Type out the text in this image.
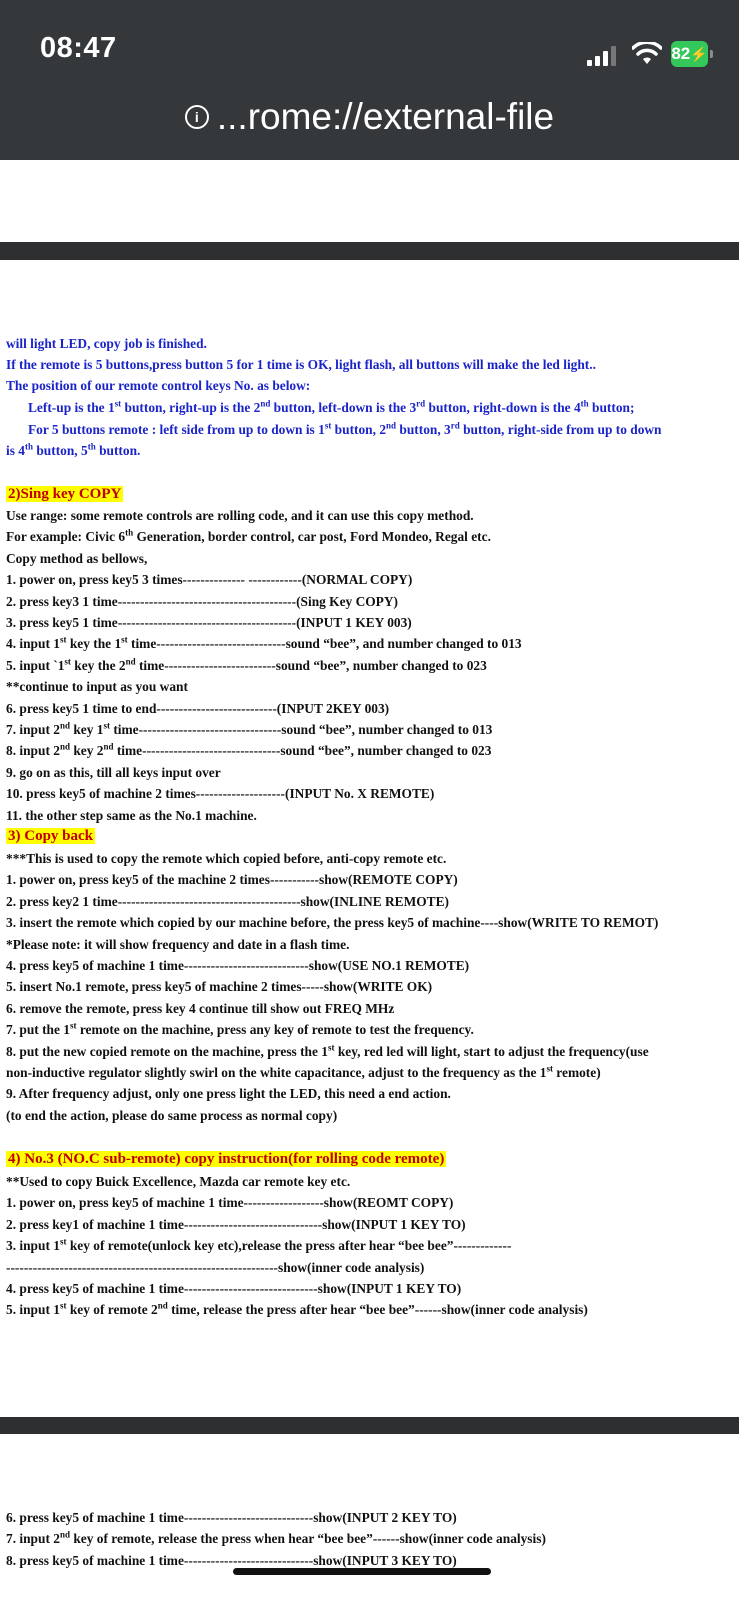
08:47	82⚡
i ...rome://external-file
will light LED, copy job is finished.
If the remote is 5 buttons,press button 5 for 1 time is OK, light flash, all buttons will make the led light..
The position of our remote control keys No. as below:
Left-up is the 1st button, right-up is the 2nd button, left-down is the 3rd button, right-down is the 4th button;
For 5 buttons remote : left side from up to down is 1st button, 2nd button, 3rd button, right-side from up to down
is 4th button, 5th button.
2)Sing key COPY
Use range: some remote controls are rolling code, and it can use this copy method.
For example: Civic 6th Generation, border control, car post, Ford Mondeo, Regal etc.
Copy method as bellows,
1. power on, press key5 3 times-------------- ------------(NORMAL COPY)
2. press key3 1 time----------------------------------------(Sing Key COPY)
3. press key5 1 time----------------------------------------(INPUT 1 KEY 003)
4. input 1st key the 1st time-----------------------------sound “bee”, and number changed to 013
5. input `1st key the 2nd time-------------------------sound “bee”, number changed to 023
**continue to input as you want
6. press key5 1 time to end---------------------------(INPUT 2KEY 003)
7. input 2nd key 1st time--------------------------------sound “bee”, number changed to 013
8. input 2nd key 2nd time-------------------------------sound “bee”, number changed to 023
9. go on as this, till all keys input over
10. press key5 of machine 2 times--------------------(INPUT No. X REMOTE)
11. the other step same as the No.1 machine.
3) Copy back
***This is used to copy the remote which copied before, anti-copy remote etc.
1. power on, press key5 of the machine 2 times-----------show(REMOTE COPY)
2. press key2 1 time-----------------------------------------show(INLINE REMOTE)
3. insert the remote which copied by our machine before, the press key5 of machine----show(WRITE TO REMOT)
*Please note: it will show frequency and date in a flash time.
4. press key5 of machine 1 time----------------------------show(USE NO.1 REMOTE)
5. insert No.1 remote, press key5 of machine 2 times-----show(WRITE OK)
6. remove the remote, press key 4 continue till show out FREQ MHz
7. put the 1st remote on the machine, press any key of remote to test the frequency.
8. put the new copied remote on the machine, press the 1st key, red led will light, start to adjust the frequency(use
non-inductive regulator slightly swirl on the white capacitance, adjust to the frequency as the 1st remote)
9. After frequency adjust, only one press light the LED, this need a end action.
(to end the action, please do same process as normal copy)
4) No.3 (NO.C sub-remote) copy instruction(for rolling code remote)
**Used to copy Buick Excellence, Mazda car remote key etc.
1. power on, press key5 of machine 1 time------------------show(REOMT COPY)
2. press key1 of machine 1 time-------------------------------show(INPUT 1 KEY TO)
3. input 1st key of remote(unlock key etc),release the press after hear “bee bee”-------------
-------------------------------------------------------------show(inner code analysis)
4. press key5 of machine 1 time------------------------------show(INPUT 1 KEY TO)
5. input 1st key of remote 2nd time, release the press after hear “bee bee”------show(inner code analysis)
6. press key5 of machine 1 time-----------------------------show(INPUT 2 KEY TO)
7. input 2nd key of remote, release the press when hear “bee bee”------show(inner code analysis)
8. press key5 of machine 1 time-----------------------------show(INPUT 3 KEY TO)
